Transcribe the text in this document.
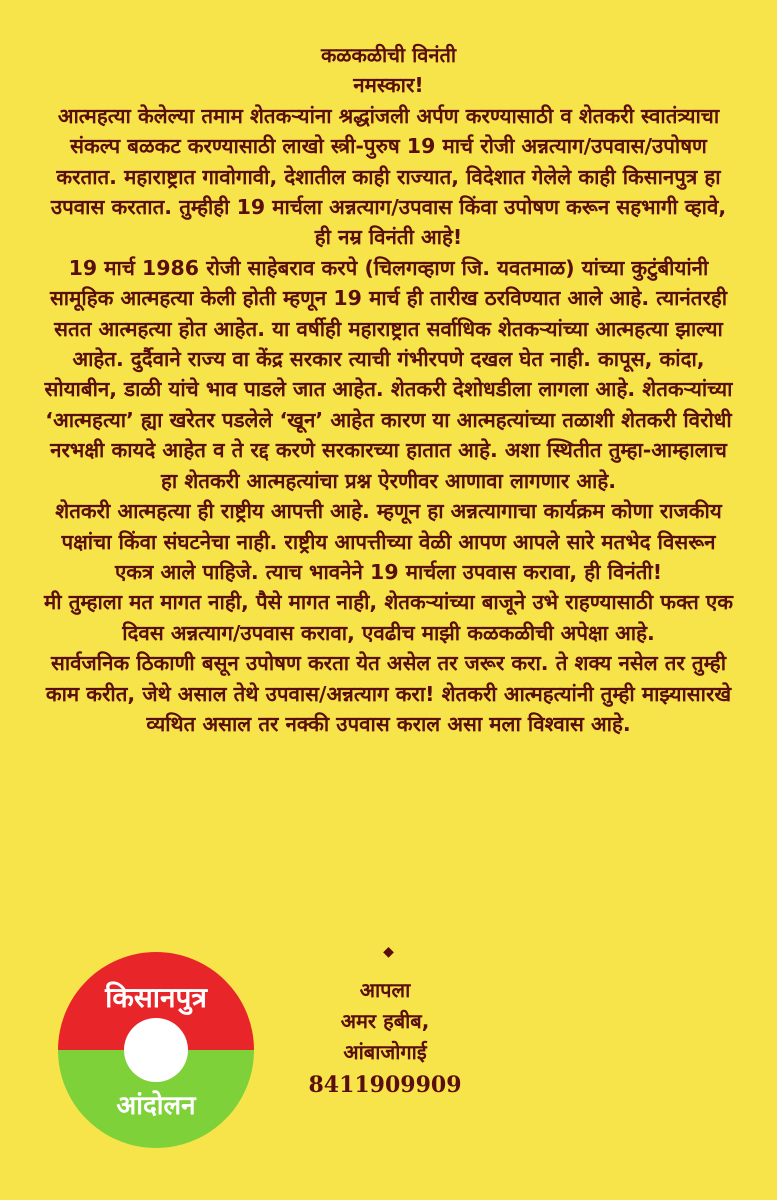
कळकळीची विनंती

नमस्कार!

आत्महत्या केलेल्या तमाम शेतकऱ्यांना श्रद्धांजली अर्पण करण्यासाठी व शेतकरी स्वातंत्र्याचा संकल्प बळकट करण्यासाठी लाखो स्त्री-पुरुष 19 मार्च रोजी अन्नत्याग/उपवास/उपोषण करतात. महाराष्ट्रात गावोगावी, देशातील काही राज्यात, विदेशात गेलेले काही किसानपुत्र हा उपवास करतात. तुम्हीही 19 मार्चला अन्नत्याग/उपवास किंवा उपोषण करून सहभागी व्हावे, ही नम्र विनंती आहे!

19 मार्च 1986 रोजी साहेबराव करपे (चिलगव्हाण जि. यवतमाळ) यांच्या कुटुंबीयांनी सामूहिक आत्महत्या केली होती म्हणून 19 मार्च ही तारीख ठरविण्यात आले आहे. त्यानंतरही सतत आत्महत्या होत आहेत. या वर्षीही महाराष्ट्रात सर्वाधिक शेतकऱ्यांच्या आत्महत्या झाल्या आहेत. दुर्दैवाने राज्य वा केंद्र सरकार त्याची गंभीरपणे दखल घेत नाही. कापूस, कांदा, सोयाबीन, डाळी यांचे भाव पाडले जात आहेत. शेतकरी देशोधडीला लागला आहे. शेतकऱ्यांच्या ‘आत्महत्या’ ह्या खरेतर पडलेले ‘खून’ आहेत कारण या आत्महत्यांच्या तळाशी शेतकरी विरोधी नरभक्षी कायदे आहेत व ते रद्द करणे सरकारच्या हातात आहे. अशा स्थितीत तुम्हा-आम्हालाच हा शेतकरी आत्महत्यांचा प्रश्न ऐरणीवर आणावा लागणार आहे.

शेतकरी आत्महत्या ही राष्ट्रीय आपत्ती आहे. म्हणून हा अन्नत्यागाचा कार्यक्रम कोणा राजकीय पक्षांचा किंवा संघटनेचा नाही. राष्ट्रीय आपत्तीच्या वेळी आपण आपले सारे मतभेद विसरून एकत्र आले पाहिजे. त्याच भावनेने 19 मार्चला उपवास करावा, ही विनंती!

मी तुम्हाला मत मागत नाही, पैसे मागत नाही, शेतकऱ्यांच्या बाजूने उभे राहण्यासाठी फक्त एक दिवस अन्नत्याग/उपवास करावा, एवढीच माझी कळकळीची अपेक्षा आहे.

सार्वजनिक ठिकाणी बसून उपोषण करता येत असेल तर जरूर करा. ते शक्य नसेल तर तुम्ही काम करीत, जेथे असाल तेथे उपवास/अन्नत्याग करा! शेतकरी आत्महत्यांनी तुम्ही माझ्यासारखे व्यथित असाल तर नक्की उपवास कराल असा मला विश्वास आहे.

◆
आपला
अमर हबीब,
आंबाजोगाई
8411909909
किसानपुत्र
आंदोलन
